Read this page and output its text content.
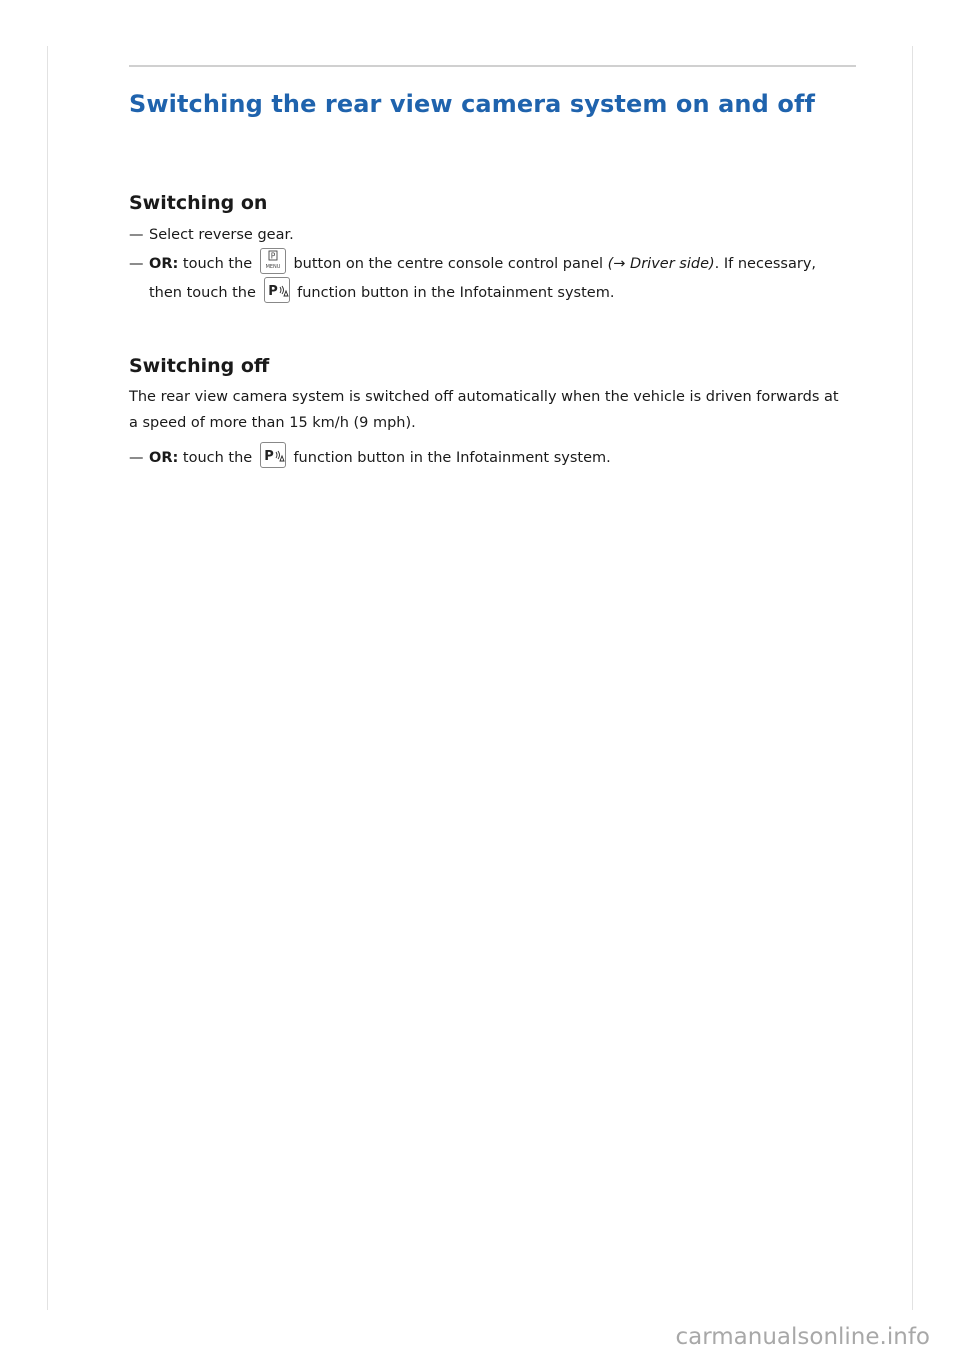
Switching the rear view camera system on and off
Switching on
— Select reverse gear.
— OR: touch the P
MENU button on the centre console control panel (→ Driver side). If necessary,
then touch the P function button in the Infotainment system.
Switching off
The rear view camera system is switched off automatically when the vehicle is driven forwards at
a speed of more than 15 km/h (9 mph).
— OR: touch the P function button in the Infotainment system.
carmanualsonline.info
